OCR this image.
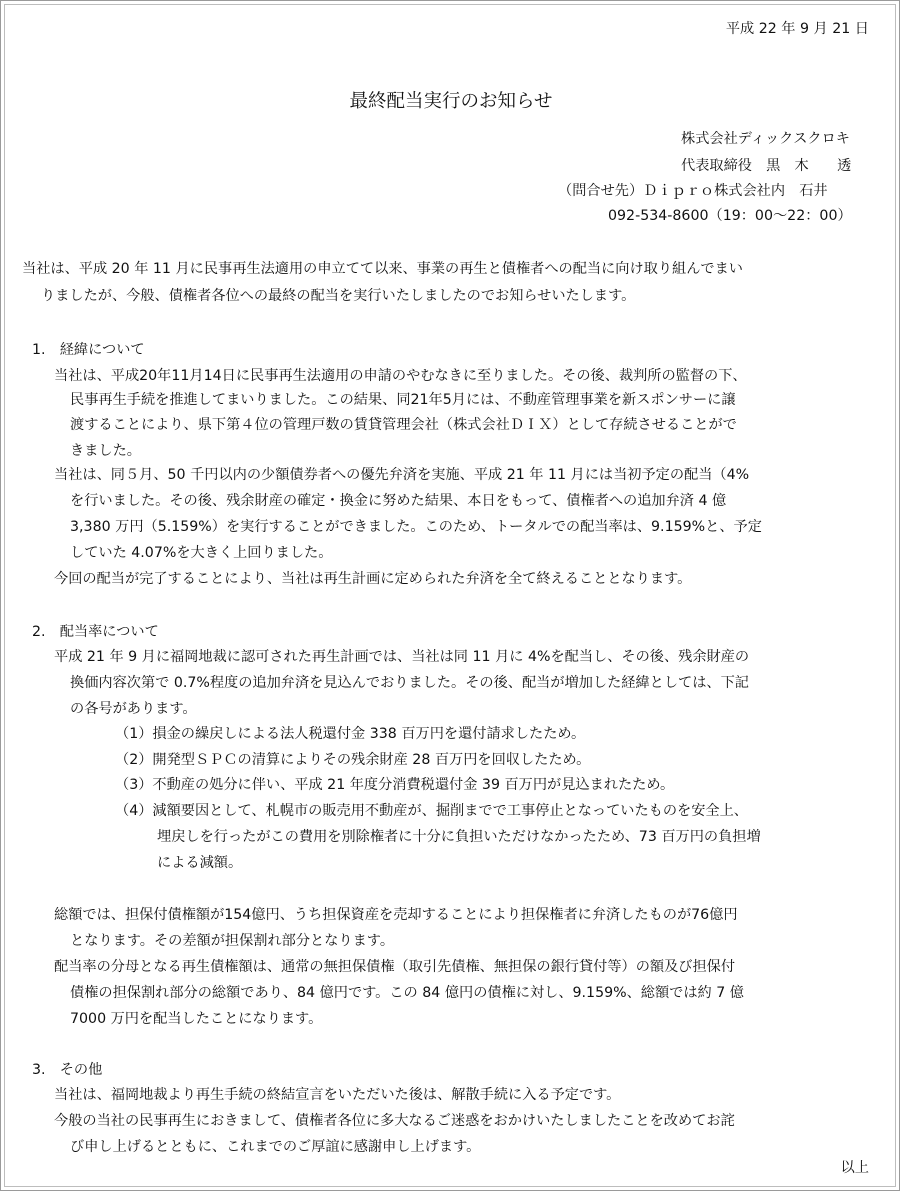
平成 22 年 9 月 21 日
最終配当実行のお知らせ
株式会社ディックスクロキ
代表取締役　黒　木　　透
（問合せ先）Ｄｉｐｒｏ株式会社内　石井
092-534-8600（19：00〜22：00）
当社は、平成 20 年 11 月に民事再生法適用の申立てて以来、事業の再生と債権者への配当に向け取り組んでまい
りましたが、今般、債権者各位への最終の配当を実行いたしましたのでお知らせいたします。
1.　経緯について
当社は、平成20年11月14日に民事再生法適用の申請のやむなきに至りました。その後、裁判所の監督の下、
民事再生手続を推進してまいりました。この結果、同21年5月には、不動産管理事業を新スポンサーに譲
渡することにより、県下第４位の管理戸数の賃貸管理会社（株式会社ＤＩＸ）として存続させることがで
きました。
当社は、同５月、50 千円以内の少額債券者への優先弁済を実施、平成 21 年 11 月には当初予定の配当（4%
を行いました。その後、残余財産の確定・換金に努めた結果、本日をもって、債権者への追加弁済 4 億
3,380 万円（5.159%）を実行することができました。このため、トータルでの配当率は、9.159%と、予定
していた 4.07%を大きく上回りました。
今回の配当が完了することにより、当社は再生計画に定められた弁済を全て終えることとなります。
2.　配当率について
平成 21 年 9 月に福岡地裁に認可された再生計画では、当社は同 11 月に 4%を配当し、その後、残余財産の
換価内容次第で 0.7%程度の追加弁済を見込んでおりました。その後、配当が増加した経緯としては、下記
の各号があります。
（1）損金の繰戻しによる法人税還付金 338 百万円を還付請求したため。
（2）開発型ＳＰＣの清算によりその残余財産 28 百万円を回収したため。
（3）不動産の処分に伴い、平成 21 年度分消費税還付金 39 百万円が見込まれたため。
（4）減額要因として、札幌市の販売用不動産が、掘削までで工事停止となっていたものを安全上、
埋戻しを行ったがこの費用を別除権者に十分に負担いただけなかったため、73 百万円の負担増
による減額。
総額では、担保付債権額が154億円、うち担保資産を売却することにより担保権者に弁済したものが76億円
となります。その差額が担保割れ部分となります。
配当率の分母となる再生債権額は、通常の無担保債権（取引先債権、無担保の銀行貸付等）の額及び担保付
債権の担保割れ部分の総額であり、84 億円です。この 84 億円の債権に対し、9.159%、総額では約 7 億
7000 万円を配当したことになります。
3.　その他
当社は、福岡地裁より再生手続の終結宣言をいただいた後は、解散手続に入る予定です。
今般の当社の民事再生におきまして、債権者各位に多大なるご迷惑をおかけいたしましたことを改めてお詫
び申し上げるとともに、これまでのご厚誼に感謝申し上げます。
以上
